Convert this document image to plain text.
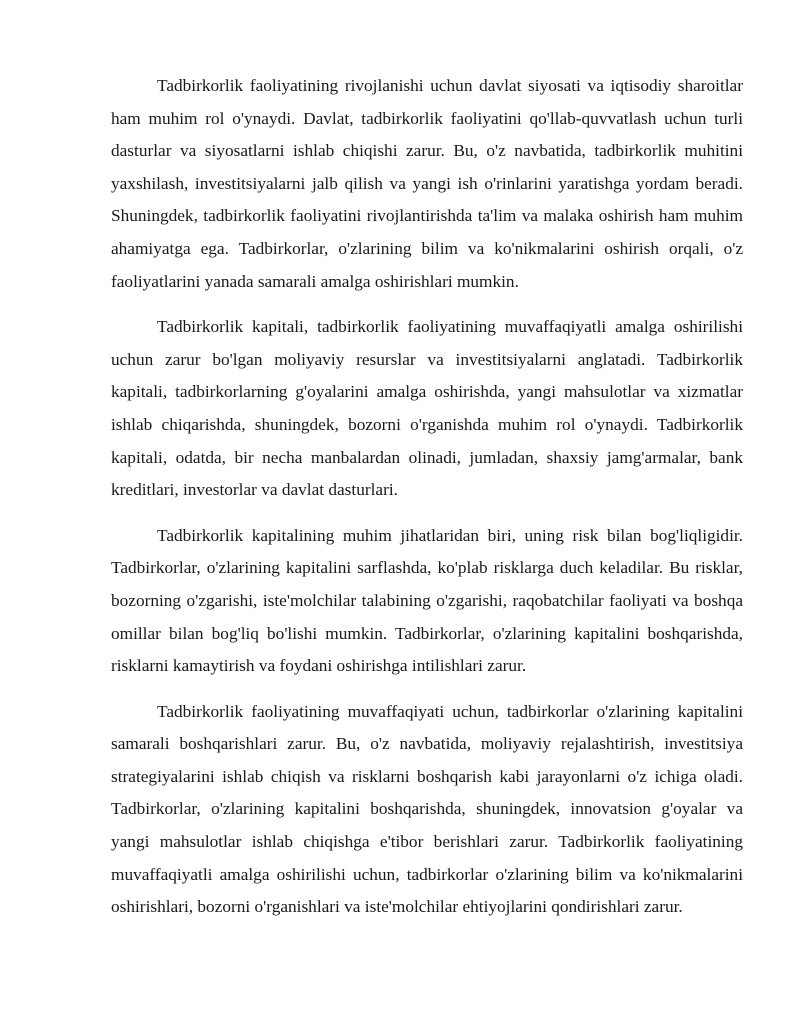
Tadbirkorlik faoliyatining rivojlanishi uchun davlat siyosati va iqtisodiy sharoitlar ham muhim rol o'ynaydi. Davlat, tadbirkorlik faoliyatini qo'llab-quvvatlash uchun turli dasturlar va siyosatlarni ishlab chiqishi zarur. Bu, o'z navbatida, tadbirkorlik muhitini yaxshilash, investitsiyalarni jalb qilish va yangi ish o'rinlarini yaratishga yordam beradi. Shuningdek, tadbirkorlik faoliyatini rivojlantirishda ta'lim va malaka oshirish ham muhim ahamiyatga ega. Tadbirkorlar, o'zlarining bilim va ko'nikmalarini oshirish orqali, o'z faoliyatlarini yanada samarali amalga oshirishlari mumkin.

Tadbirkorlik kapitali, tadbirkorlik faoliyatining muvaffaqiyatli amalga oshirilishi uchun zarur bo'lgan moliyaviy resurslar va investitsiyalarni anglatadi. Tadbirkorlik kapitali, tadbirkorlarning g'oyalarini amalga oshirishda, yangi mahsulotlar va xizmatlar ishlab chiqarishda, shuningdek, bozorni o'rganishda muhim rol o'ynaydi. Tadbirkorlik kapitali, odatda, bir necha manbalardan olinadi, jumladan, shaxsiy jamg'armalar, bank kreditlari, investorlar va davlat dasturlari.

Tadbirkorlik kapitalining muhim jihatlaridan biri, uning risk bilan bog'liqligidir. Tadbirkorlar, o'zlarining kapitalini sarflashda, ko'plab risklarga duch keladilar. Bu risklar, bozorning o'zgarishi, iste'molchilar talabining o'zgarishi, raqobatchilar faoliyati va boshqa omillar bilan bog'liq bo'lishi mumkin. Tadbirkorlar, o'zlarining kapitalini boshqarishda, risklarni kamaytirish va foydani oshirishga intilishlari zarur.

Tadbirkorlik faoliyatining muvaffaqiyati uchun, tadbirkorlar o'zlarining kapitalini samarali boshqarishlari zarur. Bu, o'z navbatida, moliyaviy rejalashtirish, investitsiya strategiyalarini ishlab chiqish va risklarni boshqarish kabi jarayonlarni o'z ichiga oladi. Tadbirkorlar, o'zlarining kapitalini boshqarishda, shuningdek, innovatsion g'oyalar va yangi mahsulotlar ishlab chiqishga e'tibor berishlari zarur. Tadbirkorlik faoliyatining muvaffaqiyatli amalga oshirilishi uchun, tadbirkorlar o'zlarining bilim va ko'nikmalarini oshirishlari, bozorni o'rganishlari va iste'molchilar ehtiyojlarini qondirishlari zarur.
